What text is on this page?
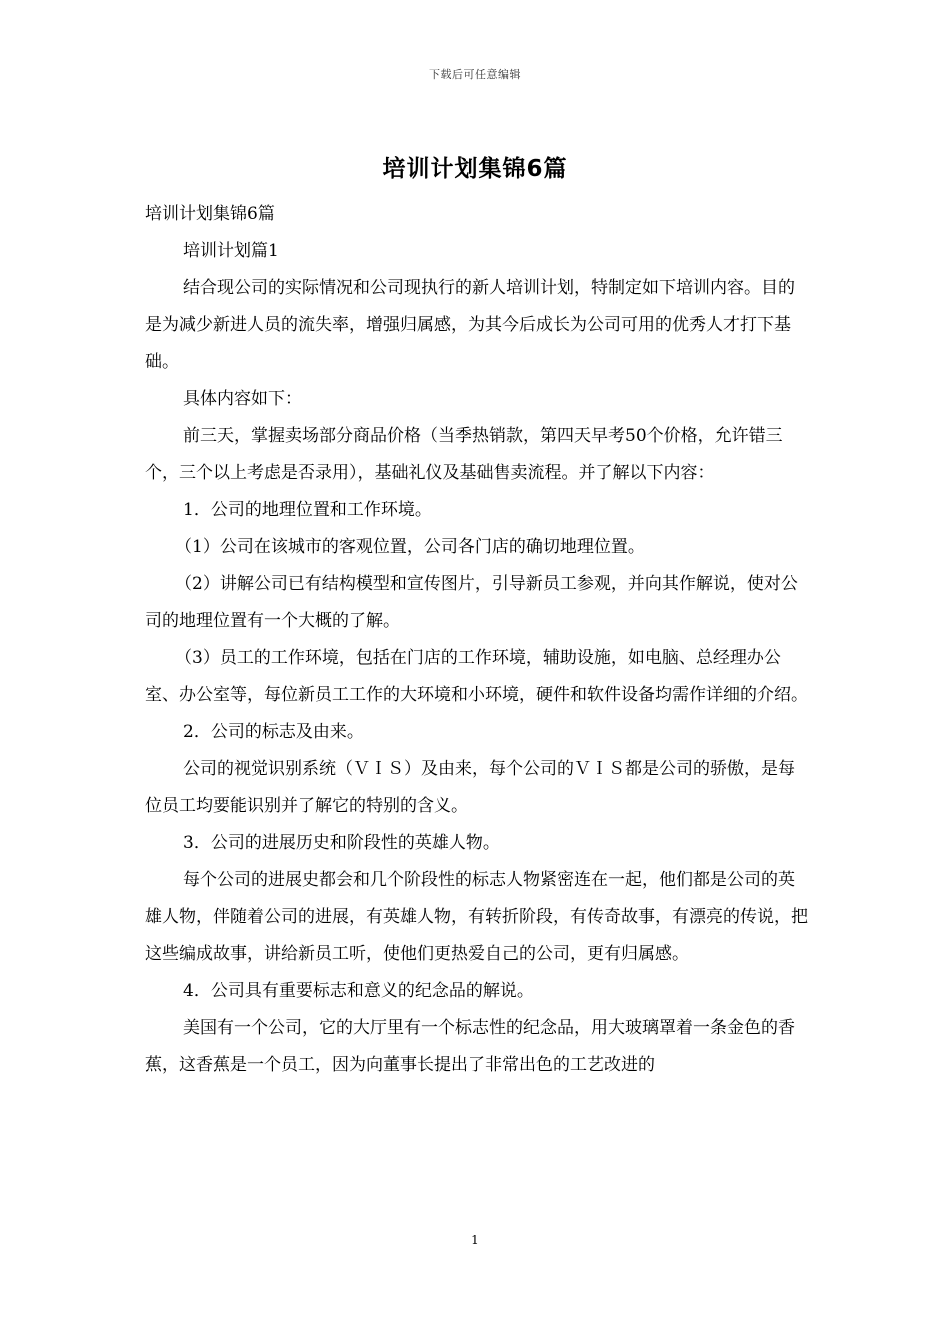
下载后可任意编辑
培训计划集锦6篇

培训计划集锦6篇

培训计划篇1

结合现公司的实际情况和公司现执行的新人培训计划，特制定如下培训内容。目的是为减少新进人员的流失率，增强归属感，为其今后成长为公司可用的优秀人才打下基础。

具体内容如下：

前三天，掌握卖场部分商品价格（当季热销款，第四天早考50个价格，允许错三个，三个以上考虑是否录用），基础礼仪及基础售卖流程。并了解以下内容：

1．公司的地理位置和工作环境。

（1）公司在该城市的客观位置，公司各门店的确切地理位置。

（2）讲解公司已有结构模型和宣传图片，引导新员工参观，并向其作解说，使对公司的地理位置有一个大概的了解。

（3）员工的工作环境，包括在门店的工作环境，辅助设施，如电脑、总经理办公室、办公室等，每位新员工工作的大环境和小环境，硬件和软件设备均需作详细的介绍。

2．公司的标志及由来。

公司的视觉识别系统（ＶＩＳ）及由来，每个公司的ＶＩＳ都是公司的骄傲，是每位员工均要能识别并了解它的特别的含义。

3．公司的进展历史和阶段性的英雄人物。

每个公司的进展史都会和几个阶段性的标志人物紧密连在一起，他们都是公司的英雄人物，伴随着公司的进展，有英雄人物，有转折阶段，有传奇故事，有漂亮的传说，把这些编成故事，讲给新员工听，使他们更热爱自己的公司，更有归属感。

4．公司具有重要标志和意义的纪念品的解说。

美国有一个公司，它的大厅里有一个标志性的纪念品，用大玻璃罩着一条金色的香蕉，这香蕉是一个员工，因为向董事长提出了非常出色的工艺改进的

1
